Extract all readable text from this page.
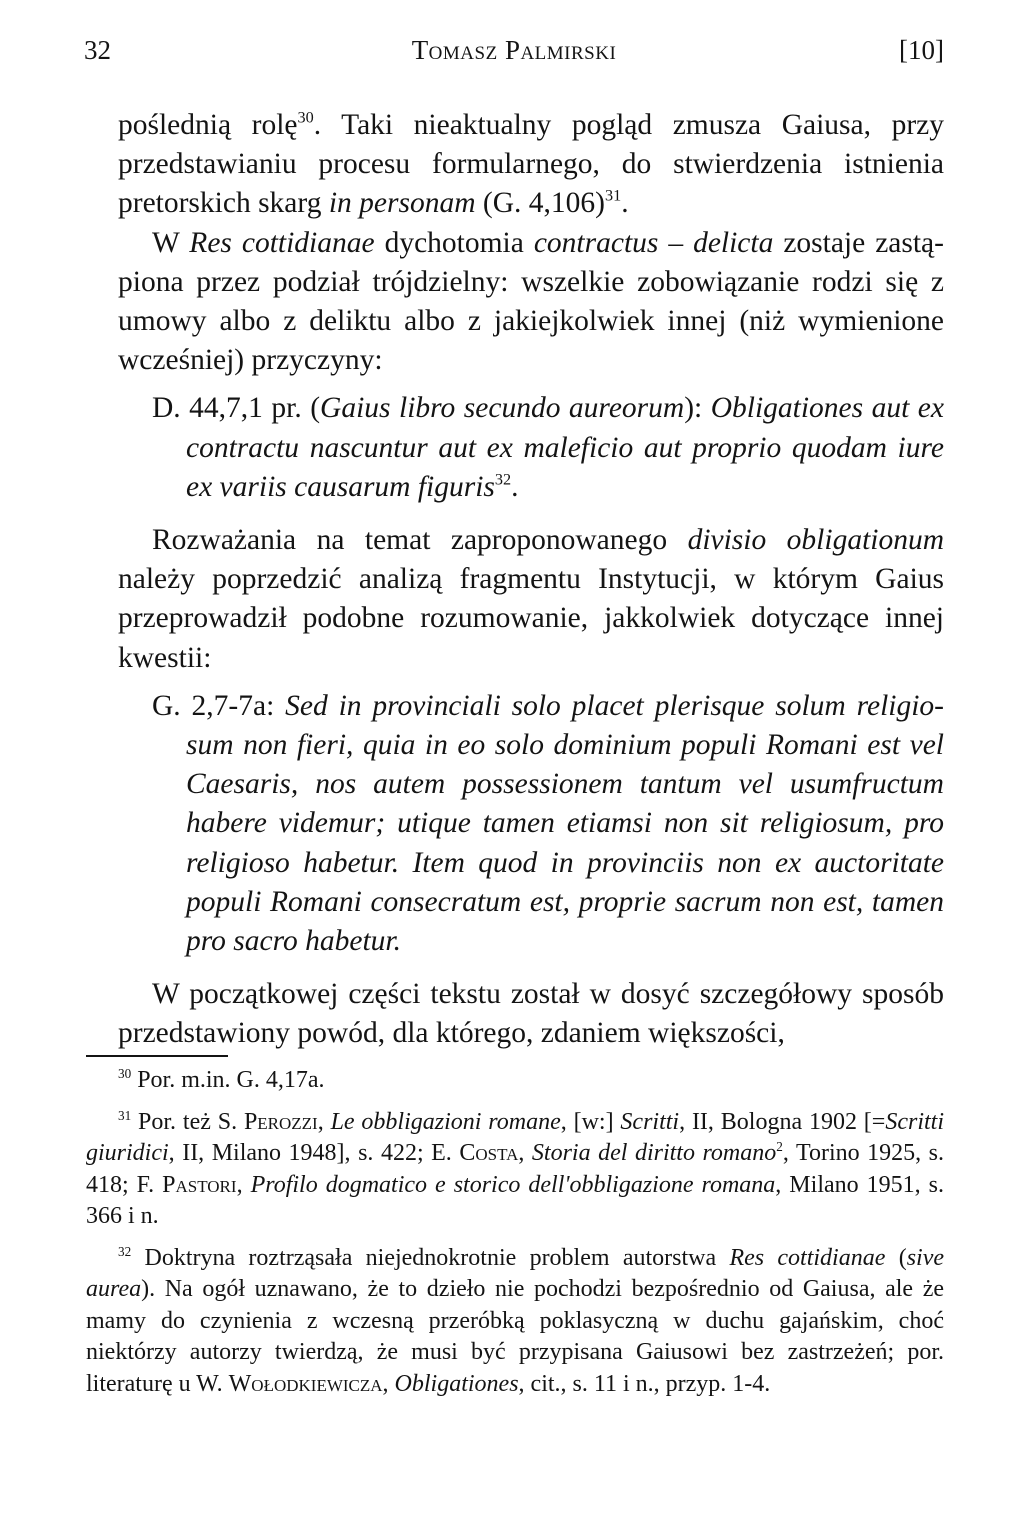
32	Tomasz Palmirski	[10]

poślednią rolę$^{30}$. Taki nieaktualny pogląd zmusza Gaiusa, przy przedstawianiu procesu formularnego, do stwierdzenia istnienia pretorskich skarg in personam (G. 4,106)$^{31}$.

W Res cottidianae dychotomia contractus – delicta zostaje zastąpiona przez podział trójdzielny: wszelkie zobowiązanie rodzi się z umowy albo z deliktu albo z jakiejkolwiek innej (niż wymienione wcześniej) przyczyny:

D. 44,7,1 pr. (Gaius libro secundo aureorum): Obligationes aut ex contractu nascuntur aut ex maleficio aut proprio quodam iure ex variis causarum figuris$^{32}$.

Rozważania na temat zaproponowanego divisio obligationum należy poprzedzić analizą fragmentu Instytucji, w którym Gaius przeprowadził podobne rozumowanie, jakkolwiek dotyczące innej kwestii:

G. 2,7-7a: Sed in provinciali solo placet plerisque solum religiosum non fieri, quia in eo solo dominium populi Romani est vel Caesaris, nos autem possessionem tantum vel usumfructum habere videmur; utique tamen etiamsi non sit religiosum, pro religioso habetur. Item quod in provinciis non ex auctoritate populi Romani consecratum est, proprie sacrum non est, tamen pro sacro habetur.

W początkowej części tekstu został w dosyć szczegółowy sposób przedstawiony powód, dla którego, zdaniem większości,

$^{30}$ Por. m.in. G. 4,17a.

$^{31}$ Por. też S. Perozzi, Le obbligazioni romane, [w:] Scritti, II, Bologna 1902 [=Scritti giuridici, II, Milano 1948], s. 422; E. Costa, Storia del diritto romano$^2$, Torino 1925, s. 418; F. Pastori, Profilo dogmatico e storico dell'obbligazione romana, Milano 1951, s. 366 i n.

$^{32}$ Doktryna roztrząsała niejednokrotnie problem autorstwa Res cottidianae (sive aurea). Na ogół uznawano, że to dzieło nie pochodzi bezpośrednio od Gaiusa, ale że mamy do czynienia z wczesną przeróbką poklasyczną w duchu gajańskim, choć niektórzy autorzy twierdzą, że musi być przypisana Gaiusowi bez zastrzeżeń; por. literaturę u W. Wołodkiewicza, Obligationes, cit., s. 11 i n., przyp. 1-4.
